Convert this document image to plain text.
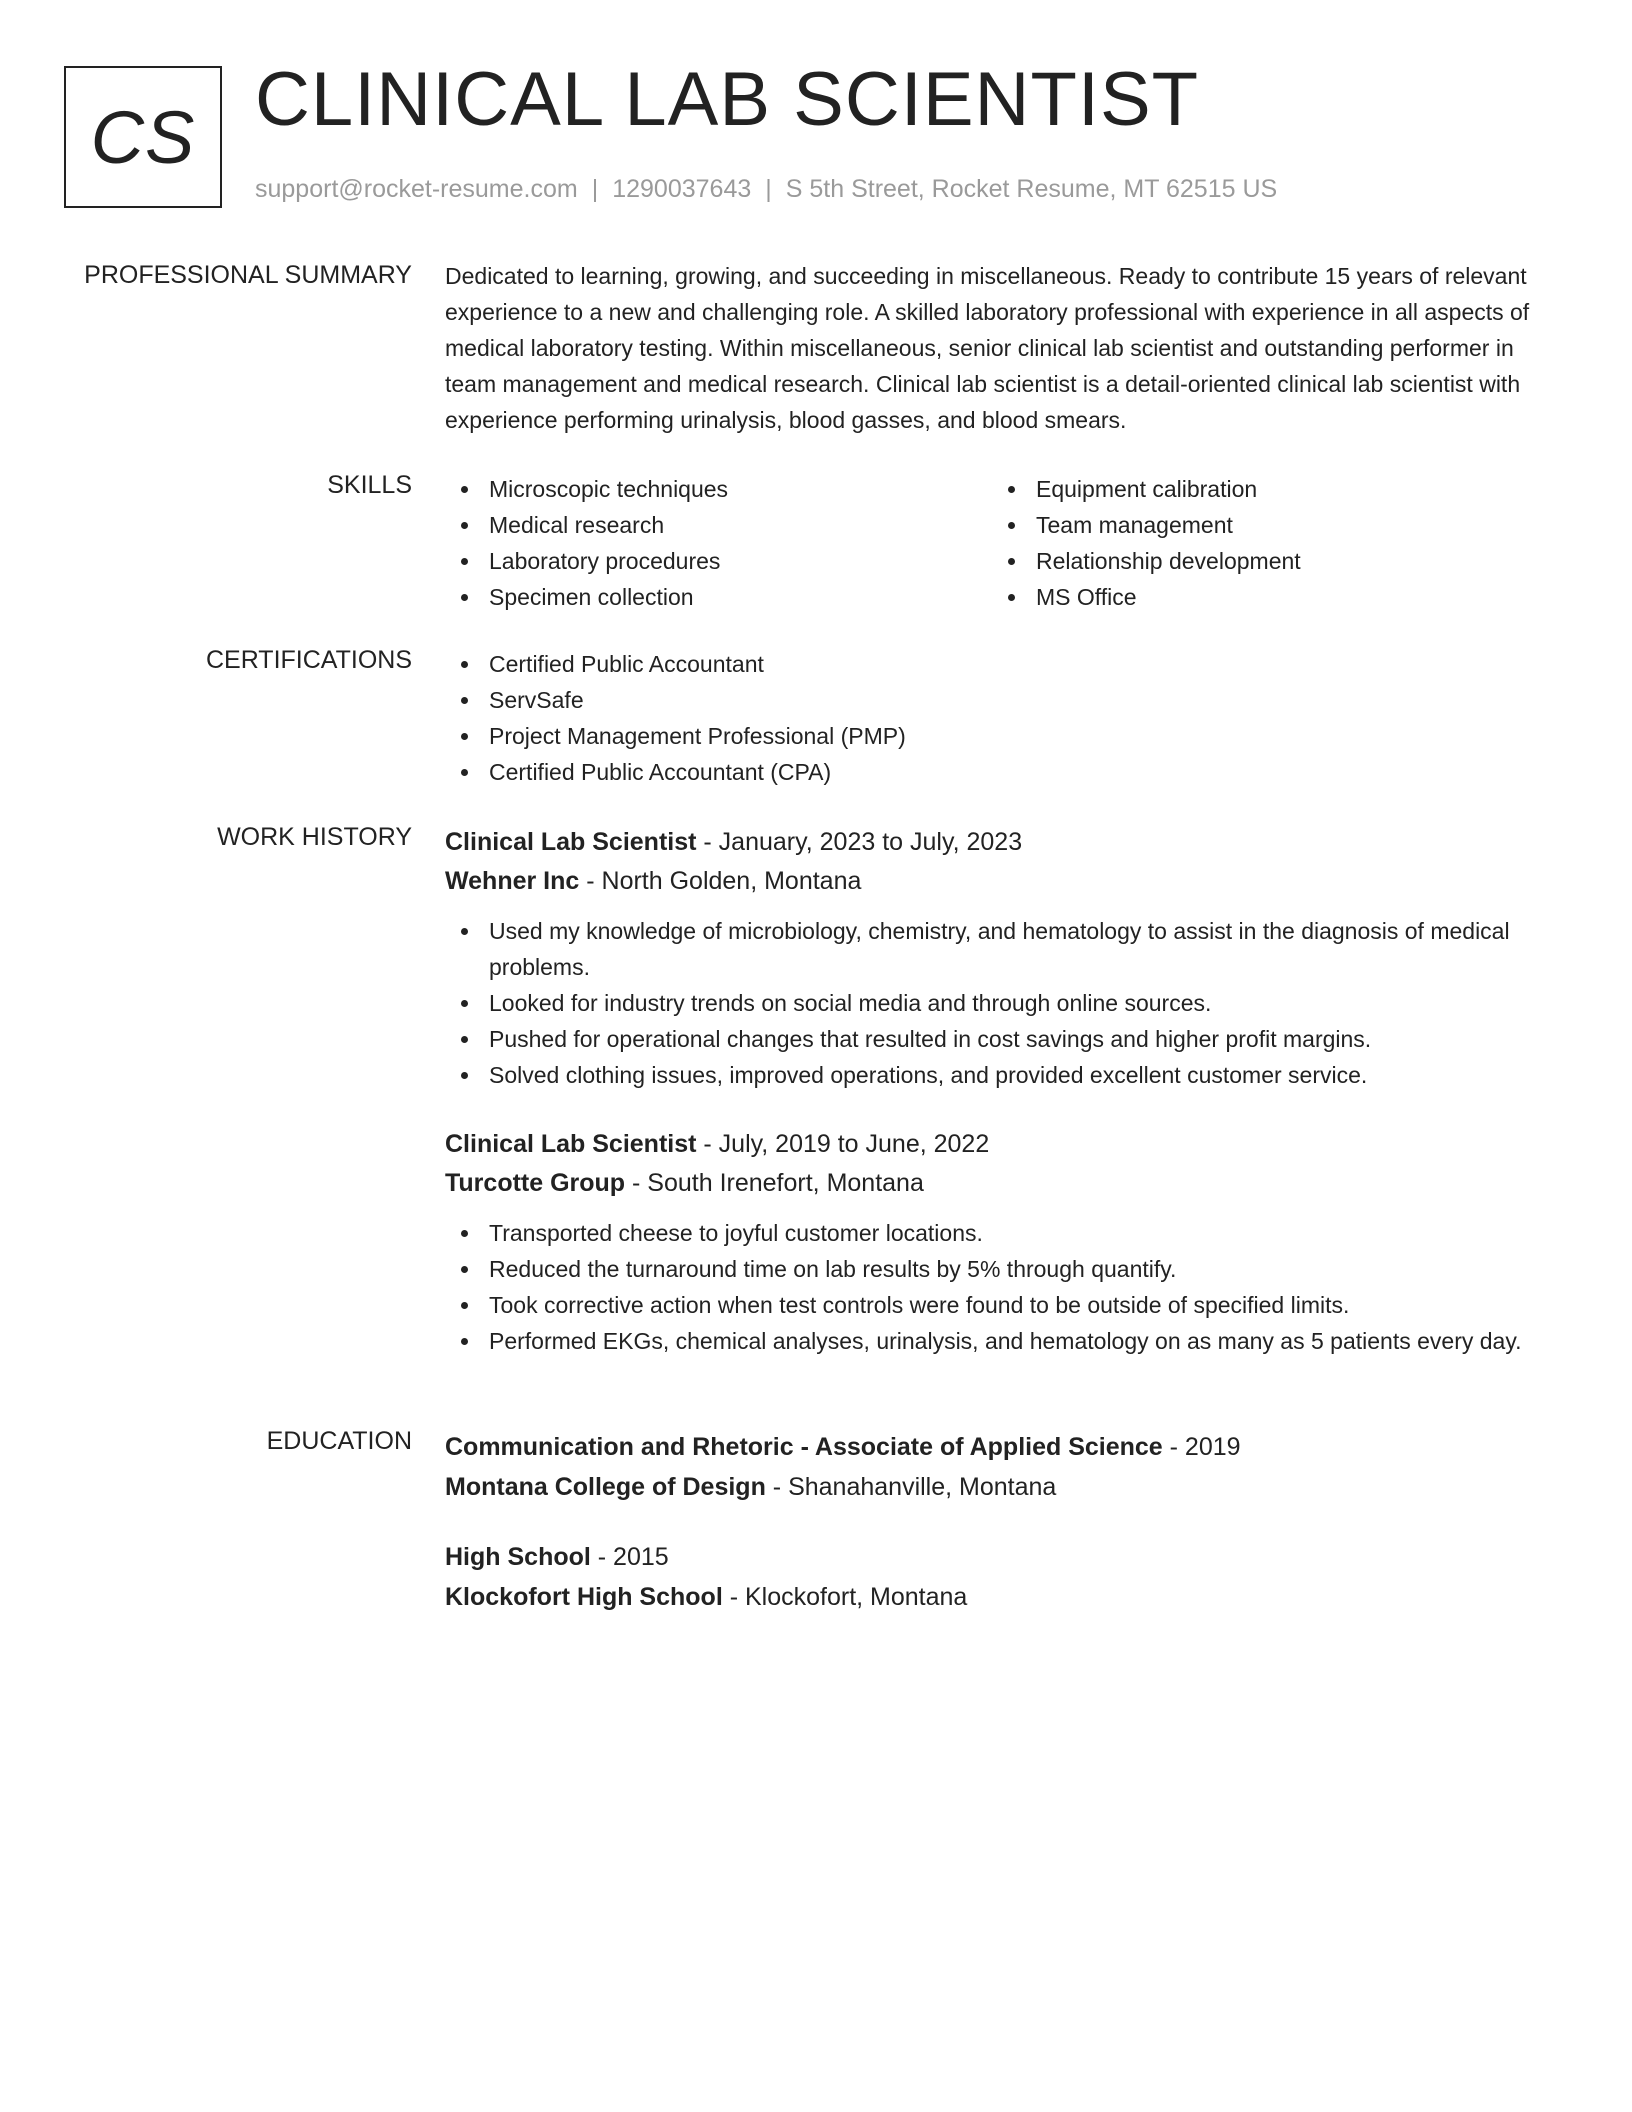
CS CLINICAL LAB SCIENTIST
support@rocket-resume.com | 1290037643 | S 5th Street, Rocket Resume, MT 62515 US
PROFESSIONAL SUMMARY Dedicated to learning, growing, and succeeding in miscellaneous. Ready to contribute 15 years of relevant experience to a new and challenging role. A skilled laboratory professional with experience in all aspects of medical laboratory testing. Within miscellaneous, senior clinical lab scientist and outstanding performer in team management and medical research. Clinical lab scientist is a detail-oriented clinical lab scientist with experience performing urinalysis, blood gasses, and blood smears.

SKILLS	Microscopic techniques
Medical research
Laboratory procedures
Specimen collection
Equipment calibration
Team management
Relationship development
MS Office
CERTIFICATIONS	Certified Public Accountant
ServSafe
Project Management Professional (PMP)
Certified Public Accountant (CPA)
WORK HISTORY Clinical Lab Scientist - January, 2023 to July, 2023
Wehner Inc - North Golden, Montana
Used my knowledge of microbiology, chemistry, and hematology to assist in the diagnosis of medical problems.
Looked for industry trends on social media and through online sources.
Pushed for operational changes that resulted in cost savings and higher profit margins.
Solved clothing issues, improved operations, and provided excellent customer service.
Clinical Lab Scientist - July, 2019 to June, 2022
Turcotte Group - South Irenefort, Montana
Transported cheese to joyful customer locations.
Reduced the turnaround time on lab results by 5% through quantify.
Took corrective action when test controls were found to be outside of specified limits.
Performed EKGs, chemical analyses, urinalysis, and hematology on as many as 5 patients every day.
EDUCATION Communication and Rhetoric - Associate of Applied Science - 2019
Montana College of Design - Shanahanville, Montana
High School - 2015
Klockofort High School - Klockofort, Montana
